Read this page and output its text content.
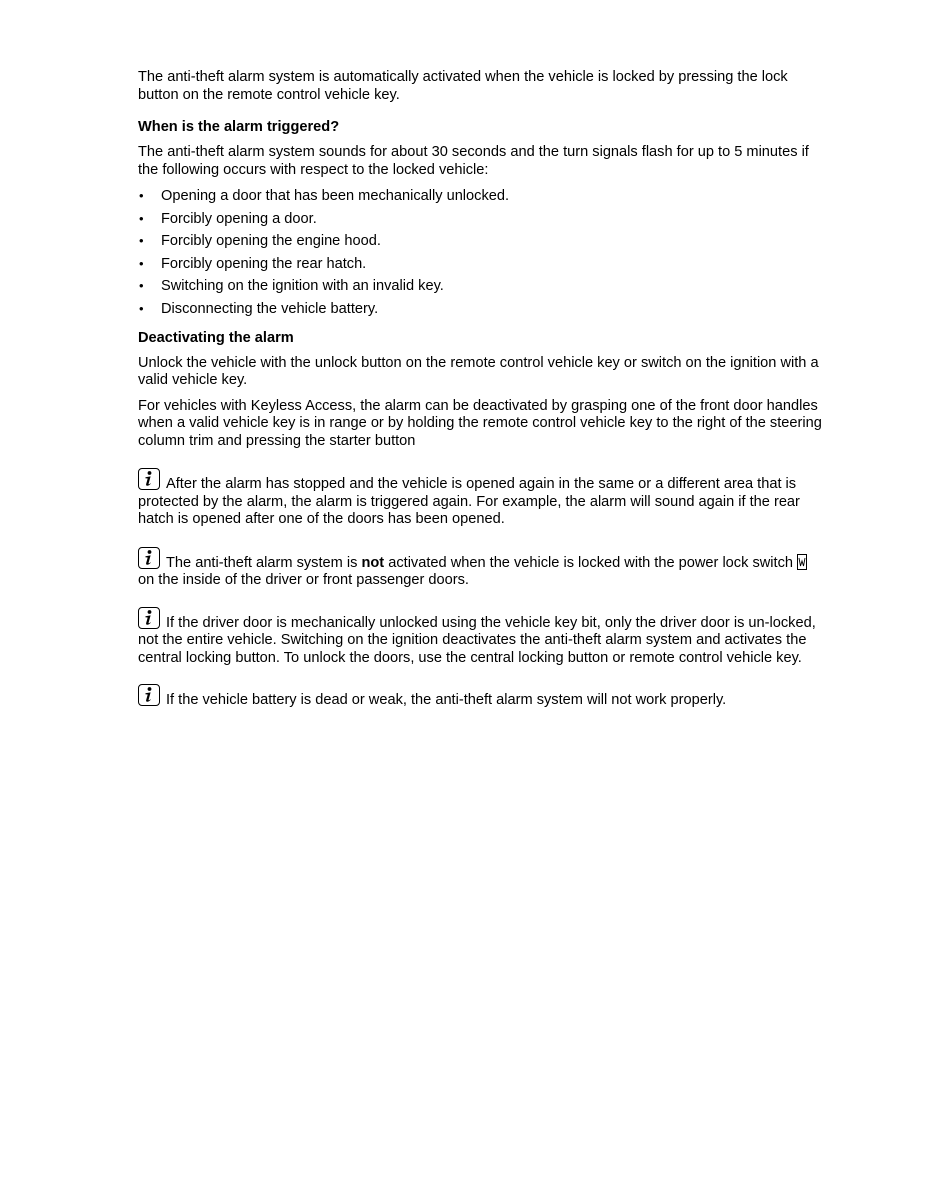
The anti-theft alarm system is automatically activated when the vehicle is locked by pressing the lock button on the remote control vehicle key.

When is the alarm triggered?

The anti-theft alarm system sounds for about 30 seconds and the turn signals flash for up to 5 minutes if the following occurs with respect to the locked vehicle:

• Opening a door that has been mechanically unlocked.
• Forcibly opening a door.
• Forcibly opening the engine hood.
• Forcibly opening the rear hatch.
• Switching on the ignition with an invalid key.
• Disconnecting the vehicle battery.
Deactivating the alarm

Unlock the vehicle with the unlock button on the remote control vehicle key or switch on the ignition with a valid vehicle key.

For vehicles with Keyless Access, the alarm can be deactivated by grasping one of the front door handles when a valid vehicle key is in range or by holding the remote control vehicle key to the right of the steering column trim and pressing the starter button

After the alarm has stopped and the vehicle is opened again in the same or a different area that is protected by the alarm, the alarm is triggered again. For example, the alarm will sound again if the rear hatch is opened after one of the doors has been opened.

The anti-theft alarm system is not activated when the vehicle is locked with the power lock switch
on the inside of the driver or front passenger doors.

If the driver door is mechanically unlocked using the vehicle key bit, only the driver door is un-locked, not the entire vehicle. Switching on the ignition deactivates the anti-theft alarm system and activates the central locking button. To unlock the doors, use the central locking button or remote control vehicle key.

If the vehicle battery is dead or weak, the anti-theft alarm system will not work properly.
